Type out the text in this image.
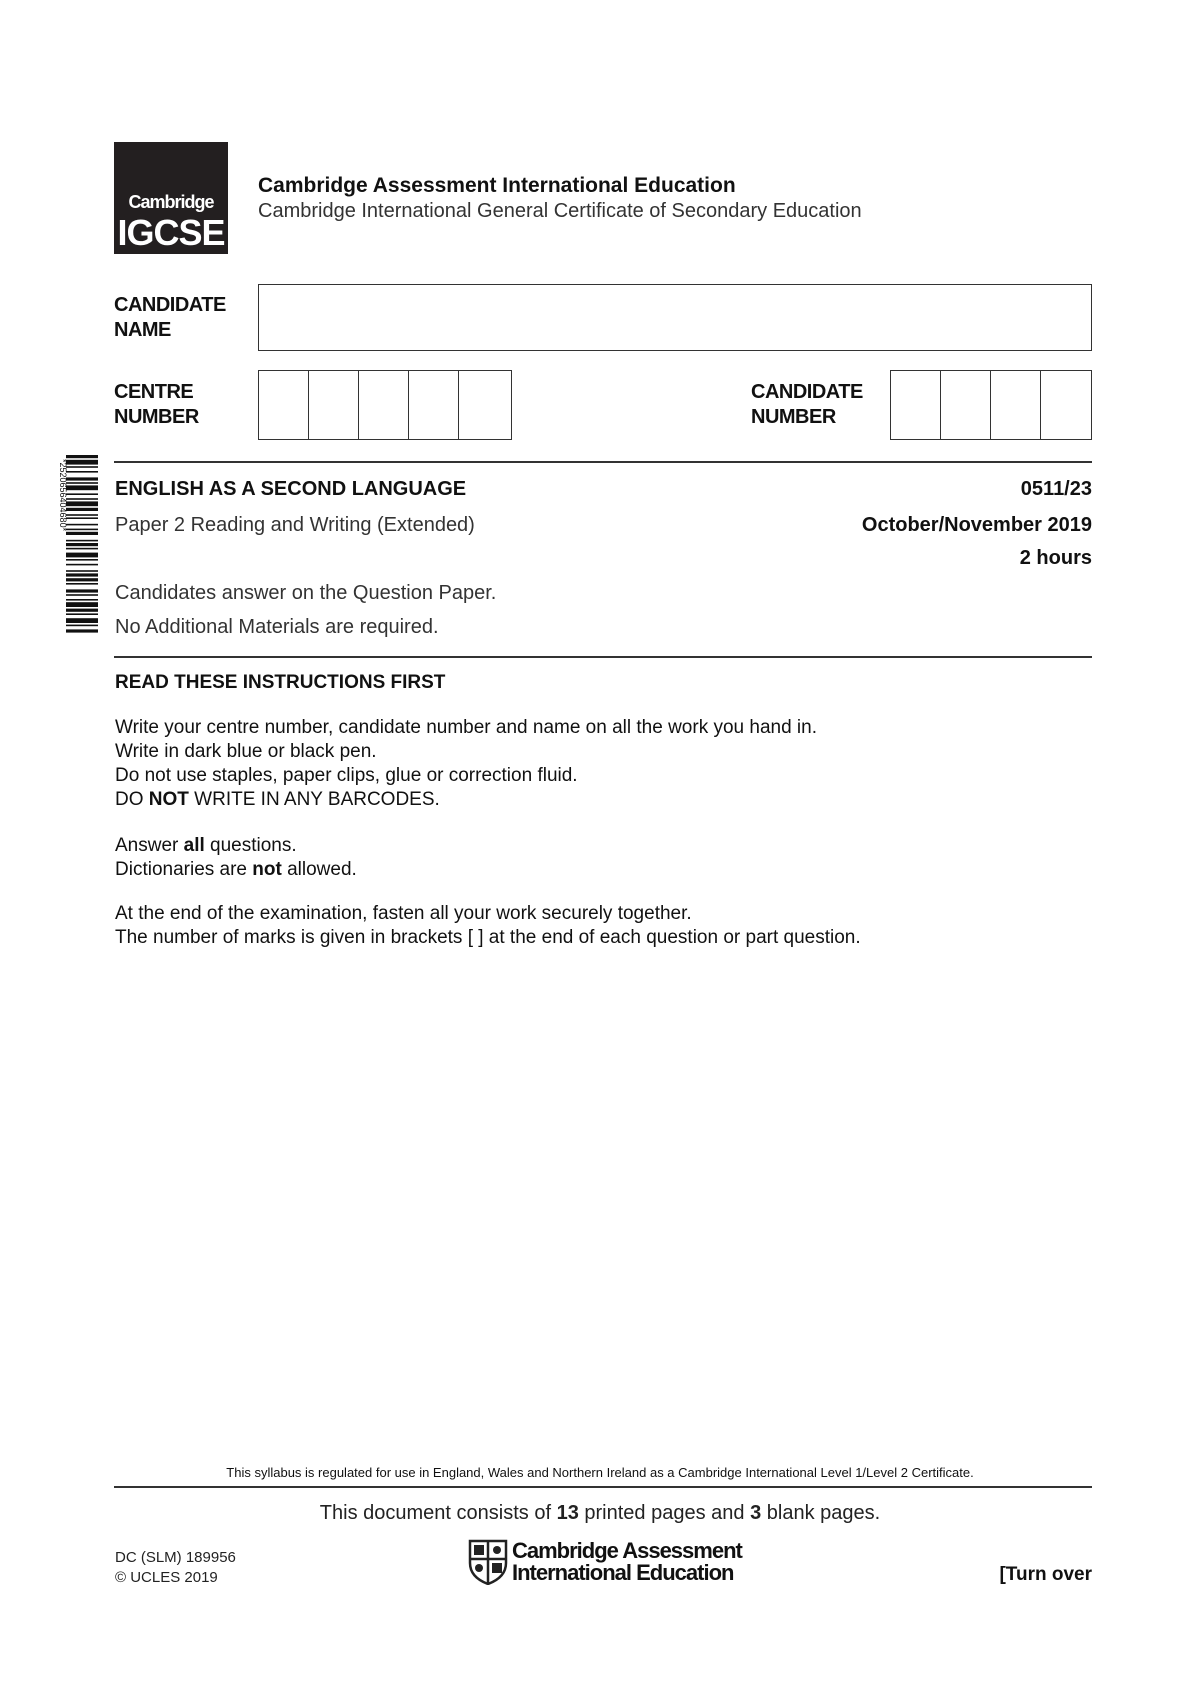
Cambridge
IGCSE
Cambridge Assessment International Education
Cambridge International General Certificate of Secondary Education
CANDIDATE
NAME
CENTRE
NUMBER
CANDIDATE
NUMBER
*2520656404680* ENGLISH AS A SECOND LANGUAGE	0511/23
Paper 2 Reading and Writing (Extended)	October/November 2019
2 hours
Candidates answer on the Question Paper.
No Additional Materials are required.
READ THESE INSTRUCTIONS FIRST
Write your centre number, candidate number and name on all the work you hand in.
Write in dark blue or black pen.
Do not use staples, paper clips, glue or correction fluid.
DO NOT WRITE IN ANY BARCODES.
Answer all questions.
Dictionaries are not allowed.
At the end of the examination, fasten all your work securely together.
The number of marks is given in brackets [ ] at the end of each question or part question.
This syllabus is regulated for use in England, Wales and Northern Ireland as a Cambridge International Level 1/Level 2 Certificate.
This document consists of 13 printed pages and 3 blank pages.
DC (SLM) 189956
© UCLES 2019
Cambridge Assessment
International Education	[Turn over
